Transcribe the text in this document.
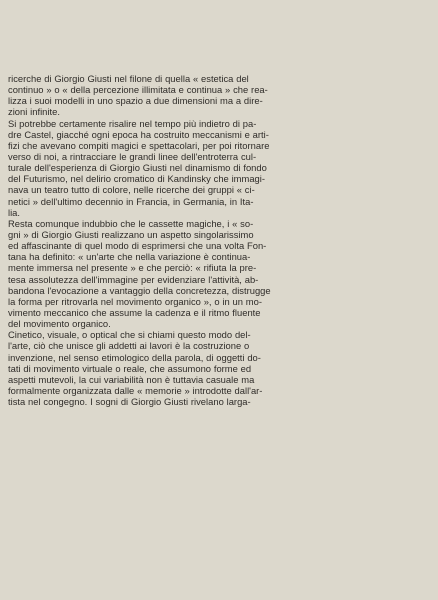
ricerche di Giorgio Giusti nel filone di quella « estetica del
continuo » o « della percezione illimitata e continua » che rea-
lizza i suoi modelli in uno spazio a due dimensioni ma a dire-
zioni infinite.
Si potrebbe certamente risalire nel tempo più indietro di pa-
dre Castel, giacché ogni epoca ha costruito meccanismi e arti-
fizi che avevano compiti magici e spettacolari, per poi ritornare
verso di noi, a rintracciare le grandi linee dell'entroterra cul-
turale dell'esperienza di Giorgio Giusti nel dinamismo di fondo
del Futurismo, nel delirio cromatico di Kandinsky che immagi-
nava un teatro tutto di colore, nelle ricerche dei gruppi « ci-
netici » dell'ultimo decennio in Francia, in Germania, in Ita-
lia.
Resta comunque indubbio che le cassette magiche, i « so-
gni » di Giorgio Giusti realizzano un aspetto singolarissimo
ed affascinante di quel modo di esprimersi che una volta Fon-
tana ha definito: « un'arte che nella variazione è continua-
mente immersa nel presente » e che perciò: « rifiuta la pre-
tesa assolutezza dell'immagine per evidenziare l'attività, ab-
bandona l'evocazione a vantaggio della concretezza, distrugge
la forma per ritrovarla nel movimento organico », o in un mo-
vimento meccanico che assume la cadenza e il ritmo fluente
del movimento organico.
Cinetico, visuale, o optical che si chiami questo modo del-
l'arte, ciò che unisce gli addetti ai lavori è la costruzione o
invenzione, nel senso etimologico della parola, di oggetti do-
tati di movimento virtuale o reale, che assumono forme ed
aspetti mutevoli, la cui variabilità non è tuttavia casuale ma
formalmente organizzata dalle « memorie » introdotte dall'ar-
tista nel congegno. I sogni di Giorgio Giusti rivelano larga-
